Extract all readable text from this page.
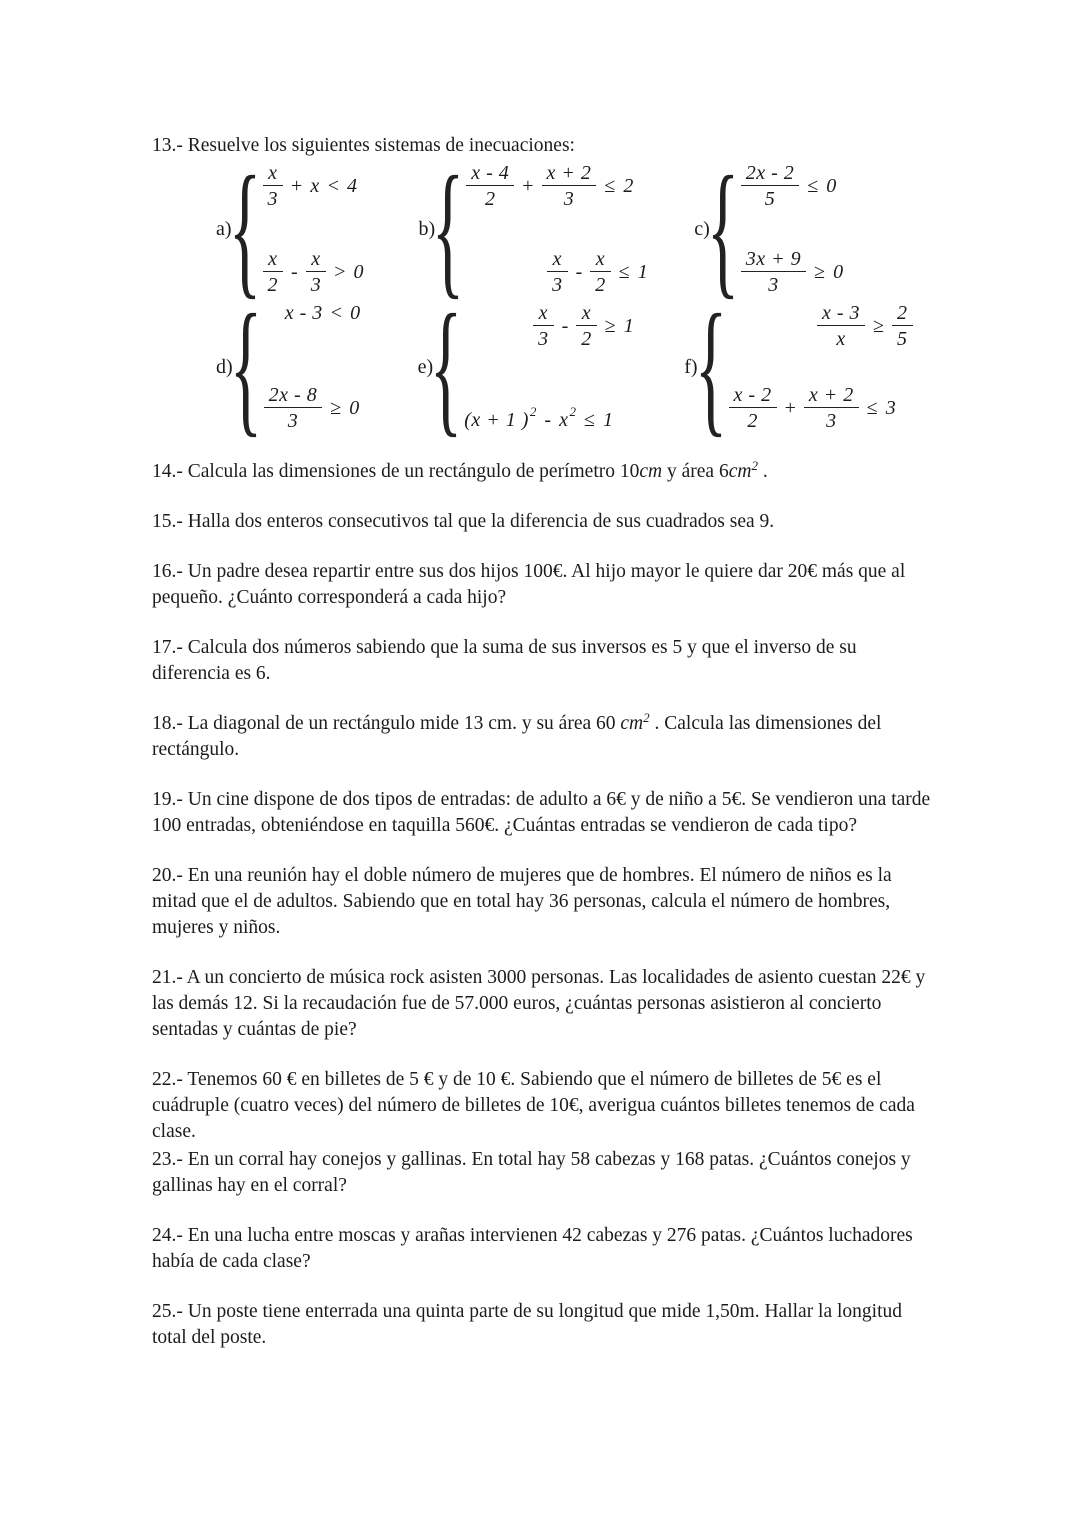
13.- Resuelve los siguientes sistemas de inecuaciones:

a)
{ $\frac{x}{3} + x < 4$
$\frac{x}{2} - \frac{x}{3} > 0$
b)
{ $\frac{x - 4}{2} + \frac{x + 2}{3} \le 2$
$\frac{x}{3} - \frac{x}{2} \le 1$
c)
{ $\frac{2x - 2}{5} \le 0$
$\frac{3x + 9}{3} \ge 0$
d)
{ x - 3 < 0
$\frac{2x - 8}{3} \ge 0$
e)
{	$\frac{x}{3} - \frac{x}{2} \ge 1$
(x + 1 ) 2 - x 2 ≤ 1
f)
{	$\frac{x - 3}{x} \ge \frac{2}{5}$
$\frac{x - 2}{2} + \frac{x + 2}{3} \le 3$

14.- Calcula las dimensiones de un rectángulo de perímetro 10cm y área $6cm^2$ .

15.- Halla dos enteros consecutivos tal que la diferencia de sus cuadrados sea 9.

16.- Un padre desea repartir entre sus dos hijos 100€. Al hijo mayor le quiere dar 20€ más que al pequeño. ¿Cuánto corresponderá a cada hijo?

17.- Calcula dos números sabiendo que la suma de sus inversos es 5 y que el inverso de su diferencia es 6.

18.- La diagonal de un rectángulo mide 13 cm. y su área 60 $cm^2$ . Calcula las dimensiones del rectángulo.

19.- Un cine dispone de dos tipos de entradas: de adulto a 6€ y de niño a 5€. Se vendieron una tarde 100 entradas, obteniéndose en taquilla 560€. ¿Cuántas entradas se vendieron de cada tipo?

20.- En una reunión hay el doble número de mujeres que de hombres. El número de niños es la mitad que el de adultos. Sabiendo que en total hay 36 personas, calcula el número de hombres, mujeres y niños.

21.- A un concierto de música rock asisten 3000 personas. Las localidades de asiento cuestan 22€ y las demás 12. Si la recaudación fue de 57.000 euros, ¿cuántas personas asistieron al concierto sentadas y cuántas de pie?

22.- Tenemos 60 € en billetes de 5 € y de 10 €. Sabiendo que el número de billetes de 5€ es el cuádruple (cuatro veces) del número de billetes de 10€, averigua cuántos billetes tenemos de cada clase.

23.- En un corral hay conejos y gallinas. En total hay 58 cabezas y 168 patas. ¿Cuántos conejos y gallinas hay en el corral?

24.- En una lucha entre moscas y arañas intervienen 42 cabezas y 276 patas. ¿Cuántos luchadores había de cada clase?

25.- Un poste tiene enterrada una quinta parte de su longitud que mide 1,50m. Hallar la longitud total del poste.
